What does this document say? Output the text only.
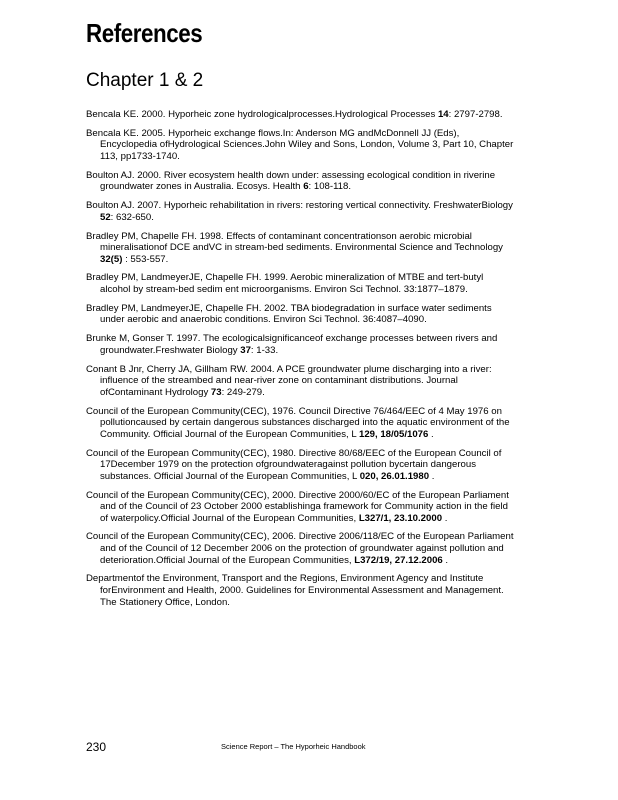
References
Chapter 1 & 2
Bencala KE. 2000. Hyporheic zone hydrologicalprocesses.Hydrological Processes 14: 2797-2798.
Bencala KE. 2005. Hyporheic exchange flows.In: Anderson MG andMcDonnell JJ (Eds), Encyclopedia ofHydrological Sciences.John Wiley and Sons, London, Volume 3, Part 10, Chapter 113, pp1733-1740.
Boulton AJ. 2000. River ecosystem health down under: assessing ecological condition in riverine groundwater zones in Australia. Ecosys. Health 6: 108-118.
Boulton AJ. 2007. Hyporheic rehabilitation in rivers: restoring vertical connectivity. FreshwaterBiology 52: 632-650.
Bradley PM, Chapelle FH. 1998. Effects of contaminant concentrationson aerobic microbial mineralisationof DCE andVC in stream-bed sediments. Environmental Science and Technology 32(5) : 553-557.
Bradley PM, LandmeyerJE, Chapelle FH. 1999. Aerobic mineralization of MTBE and tert-butyl alcohol by stream-bed sedim ent microorganisms. Environ Sci Technol. 33:1877–1879.
Bradley PM, LandmeyerJE, Chapelle FH. 2002. TBA biodegradation in surface water sediments under aerobic and anaerobic conditions. Environ Sci Technol. 36:4087–4090.
Brunke M, Gonser T. 1997. The ecologicalsignificanceof exchange processes between rivers and groundwater.Freshwater Biology 37: 1-33.
Conant B Jnr, Cherry JA, Gillham RW. 2004. A PCE groundwater plume discharging into a river: influence of the streambed and near-river zone on contaminant distributions. Journal ofContaminant Hydrology 73: 249-279.
Council of the European Community(CEC), 1976. Council Directive 76/464/EEC of 4 May 1976 on pollutioncaused by certain dangerous substances discharged into the aquatic environment of the Community. Official Journal of the European Communities, L 129, 18/05/1076 .
Council of the European Community(CEC), 1980. Directive 80/68/EEC of the European Council of 17December 1979 on the protection ofgroundwateragainst pollution bycertain dangerous substances. Official Journal of the European Communities, L 020, 26.01.1980 .
Council of the European Community(CEC), 2000. Directive 2000/60/EC of the European Parliament and of the Council of 23 October 2000 establishinga framework for Community action in the field of waterpolicy.Official Journal of the European Communities, L327/1, 23.10.2000 .
Council of the European Community(CEC), 2006. Directive 2006/118/EC of the European Parliament and of the Council of 12 December 2006 on the protection of groundwater against pollution and deterioration.Official Journal of the European Communities, L372/19, 27.12.2006 .
Departmentof the Environment, Transport and the Regions, Environment Agency and Institute forEnvironment and Health, 2000. Guidelines for Environmental Assessment and Management. The Stationery Office, London.
230	Science Report – The Hyporheic Handbook
